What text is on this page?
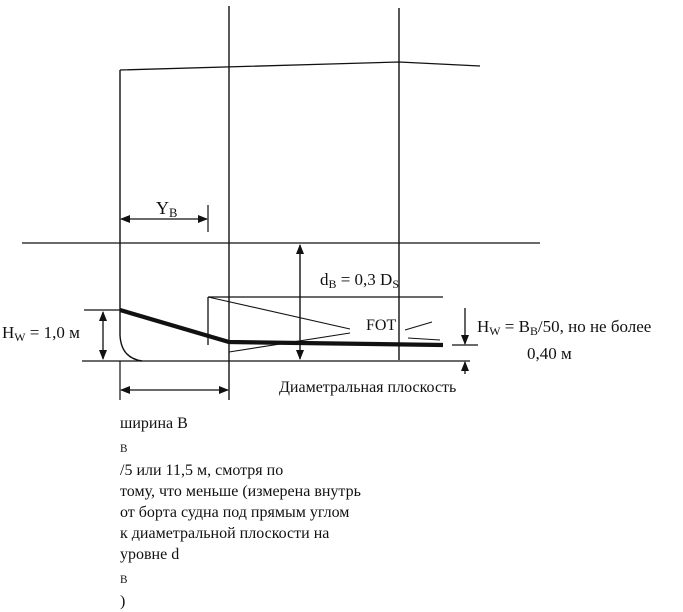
$Y_B$
$d_B = 0,3$ $D_S$
FOT
$H_W = 1,0$ м	$H_W = B_B/50$, но не более
0,40 м
Диаметральная плоскость
ширина B
$_B$
/5 или 11,5 м, смотря по
тому, что меньше (измерена внутрь
от борта судна под прямым углом
к диаметральной плоскости на
уровне d
$_B$
)
